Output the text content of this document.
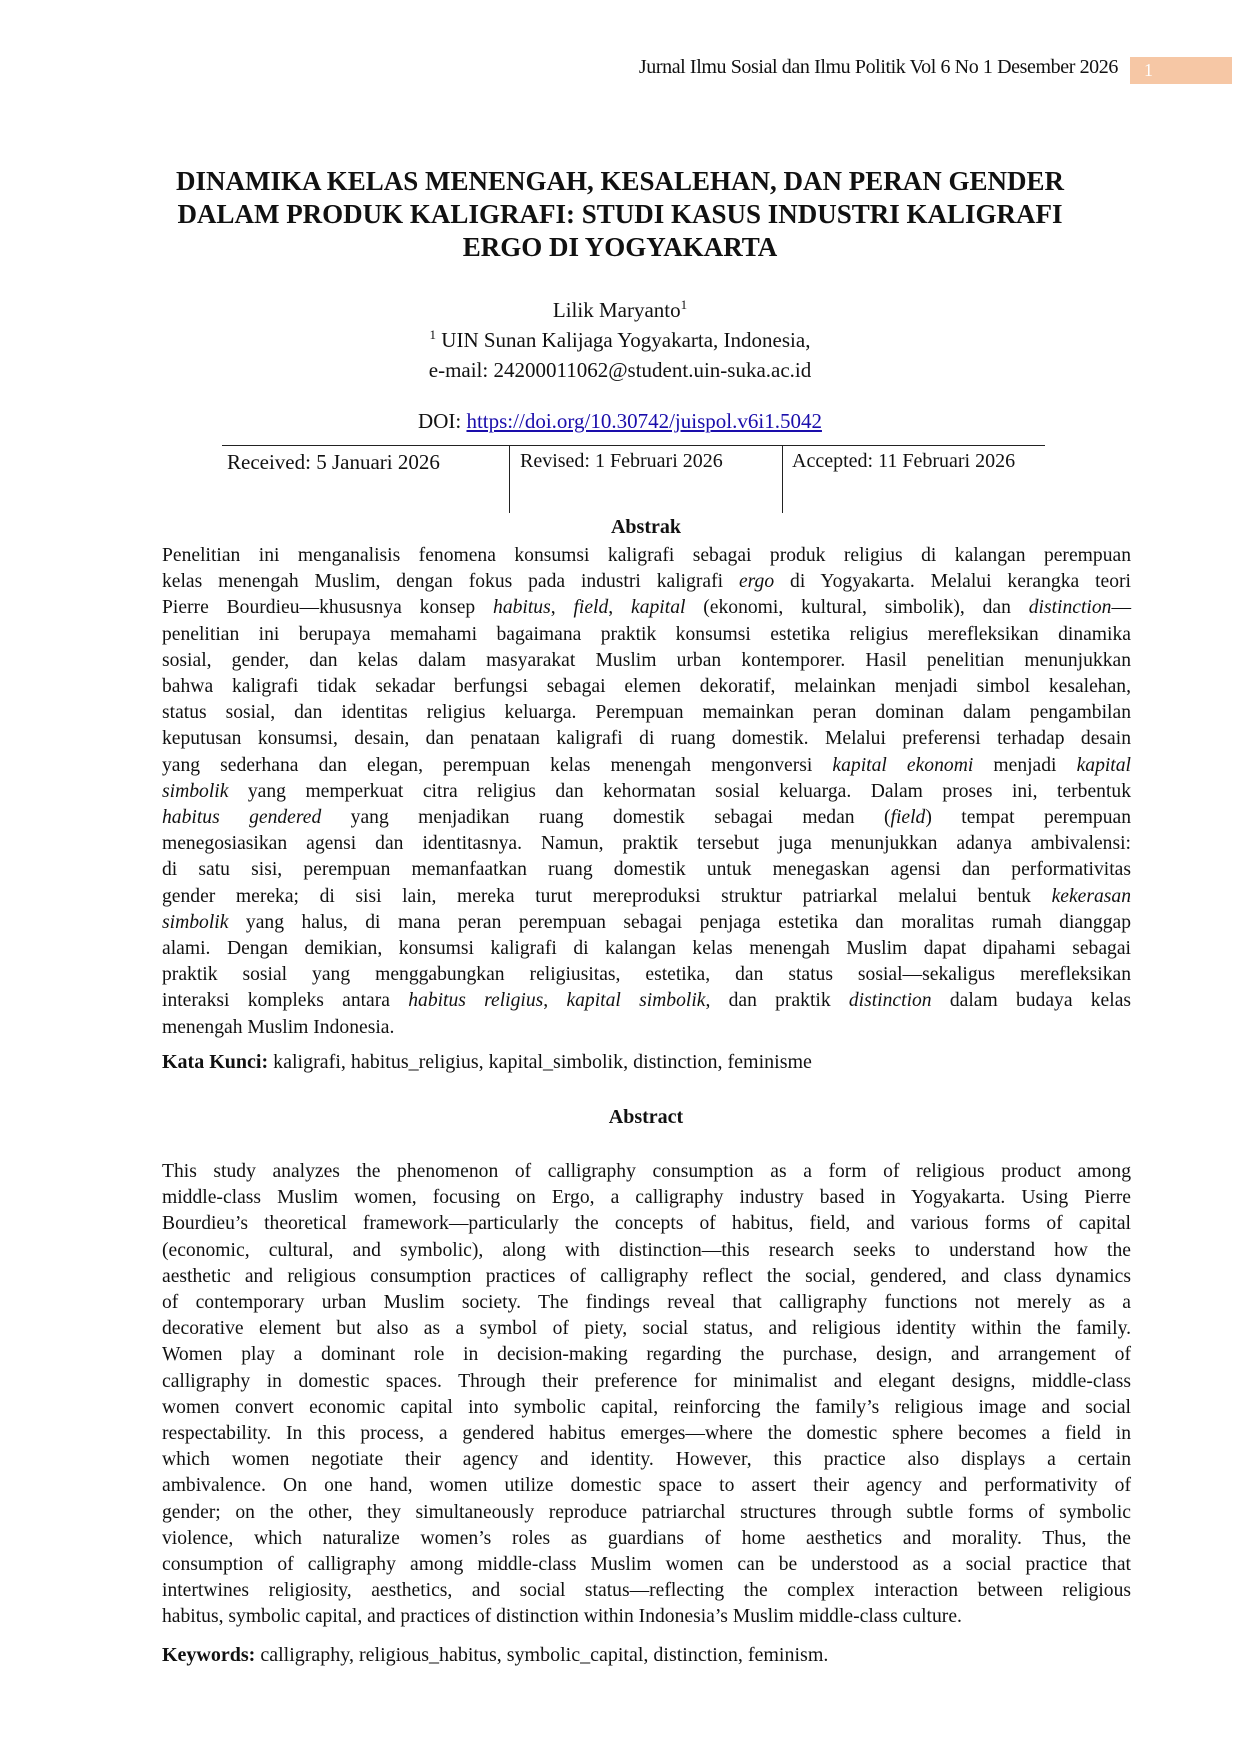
Jurnal Ilmu Sosial dan Ilmu Politik Vol 6 No 1 Desember 2026	1
DINAMIKA KELAS MENENGAH, KESALEHAN, DAN PERAN GENDER
DALAM PRODUK KALIGRAFI: STUDI KASUS INDUSTRI KALIGRAFI
ERGO DI YOGYAKARTA
Lilik Maryanto$^1$
$^1$ UIN Sunan Kalijaga Yogyakarta, Indonesia,
e-mail: 24200011062@student.uin-suka.ac.id
DOI: https://doi.org/10.30742/juispol.v6i1.5042
Received: 5 Januari 2026	Revised: 1 Februari 2026	Accepted: 11 Februari 2026
Abstrak
Penelitian ini menganalisis fenomena konsumsi kaligrafi sebagai produk religius di kalangan perempuan
kelas menengah Muslim, dengan fokus pada industri kaligrafi ergo di Yogyakarta. Melalui kerangka teori
Pierre Bourdieu—khususnya konsep habitus, field, kapital (ekonomi, kultural, simbolik), dan distinction—
penelitian ini berupaya memahami bagaimana praktik konsumsi estetika religius merefleksikan dinamika
sosial, gender, dan kelas dalam masyarakat Muslim urban kontemporer. Hasil penelitian menunjukkan
bahwa kaligrafi tidak sekadar berfungsi sebagai elemen dekoratif, melainkan menjadi simbol kesalehan,
status sosial, dan identitas religius keluarga. Perempuan memainkan peran dominan dalam pengambilan
keputusan konsumsi, desain, dan penataan kaligrafi di ruang domestik. Melalui preferensi terhadap desain
yang sederhana dan elegan, perempuan kelas menengah mengonversi kapital ekonomi menjadi kapital
simbolik yang memperkuat citra religius dan kehormatan sosial keluarga. Dalam proses ini, terbentuk
habitus gendered yang menjadikan ruang domestik sebagai medan (field) tempat perempuan
menegosiasikan agensi dan identitasnya. Namun, praktik tersebut juga menunjukkan adanya ambivalensi:
di satu sisi, perempuan memanfaatkan ruang domestik untuk menegaskan agensi dan performativitas
gender mereka; di sisi lain, mereka turut mereproduksi struktur patriarkal melalui bentuk kekerasan
simbolik yang halus, di mana peran perempuan sebagai penjaga estetika dan moralitas rumah dianggap
alami. Dengan demikian, konsumsi kaligrafi di kalangan kelas menengah Muslim dapat dipahami sebagai
praktik sosial yang menggabungkan religiusitas, estetika, dan status sosial—sekaligus merefleksikan
interaksi kompleks antara habitus religius, kapital simbolik, dan praktik distinction dalam budaya kelas
menengah Muslim Indonesia.
Kata Kunci: kaligrafi, habitus_religius, kapital_simbolik, distinction, feminisme
Abstract
This study analyzes the phenomenon of calligraphy consumption as a form of religious product among
middle-class Muslim women, focusing on Ergo, a calligraphy industry based in Yogyakarta. Using Pierre
Bourdieu’s theoretical framework—particularly the concepts of habitus, field, and various forms of capital
(economic, cultural, and symbolic), along with distinction—this research seeks to understand how the
aesthetic and religious consumption practices of calligraphy reflect the social, gendered, and class dynamics
of contemporary urban Muslim society. The findings reveal that calligraphy functions not merely as a
decorative element but also as a symbol of piety, social status, and religious identity within the family.
Women play a dominant role in decision-making regarding the purchase, design, and arrangement of
calligraphy in domestic spaces. Through their preference for minimalist and elegant designs, middle-class
women convert economic capital into symbolic capital, reinforcing the family’s religious image and social
respectability. In this process, a gendered habitus emerges—where the domestic sphere becomes a field in
which women negotiate their agency and identity. However, this practice also displays a certain
ambivalence. On one hand, women utilize domestic space to assert their agency and performativity of
gender; on the other, they simultaneously reproduce patriarchal structures through subtle forms of symbolic
violence, which naturalize women’s roles as guardians of home aesthetics and morality. Thus, the
consumption of calligraphy among middle-class Muslim women can be understood as a social practice that
intertwines religiosity, aesthetics, and social status—reflecting the complex interaction between religious
habitus, symbolic capital, and practices of distinction within Indonesia’s Muslim middle-class culture.
Keywords: calligraphy, religious_habitus, symbolic_capital, distinction, feminism.
